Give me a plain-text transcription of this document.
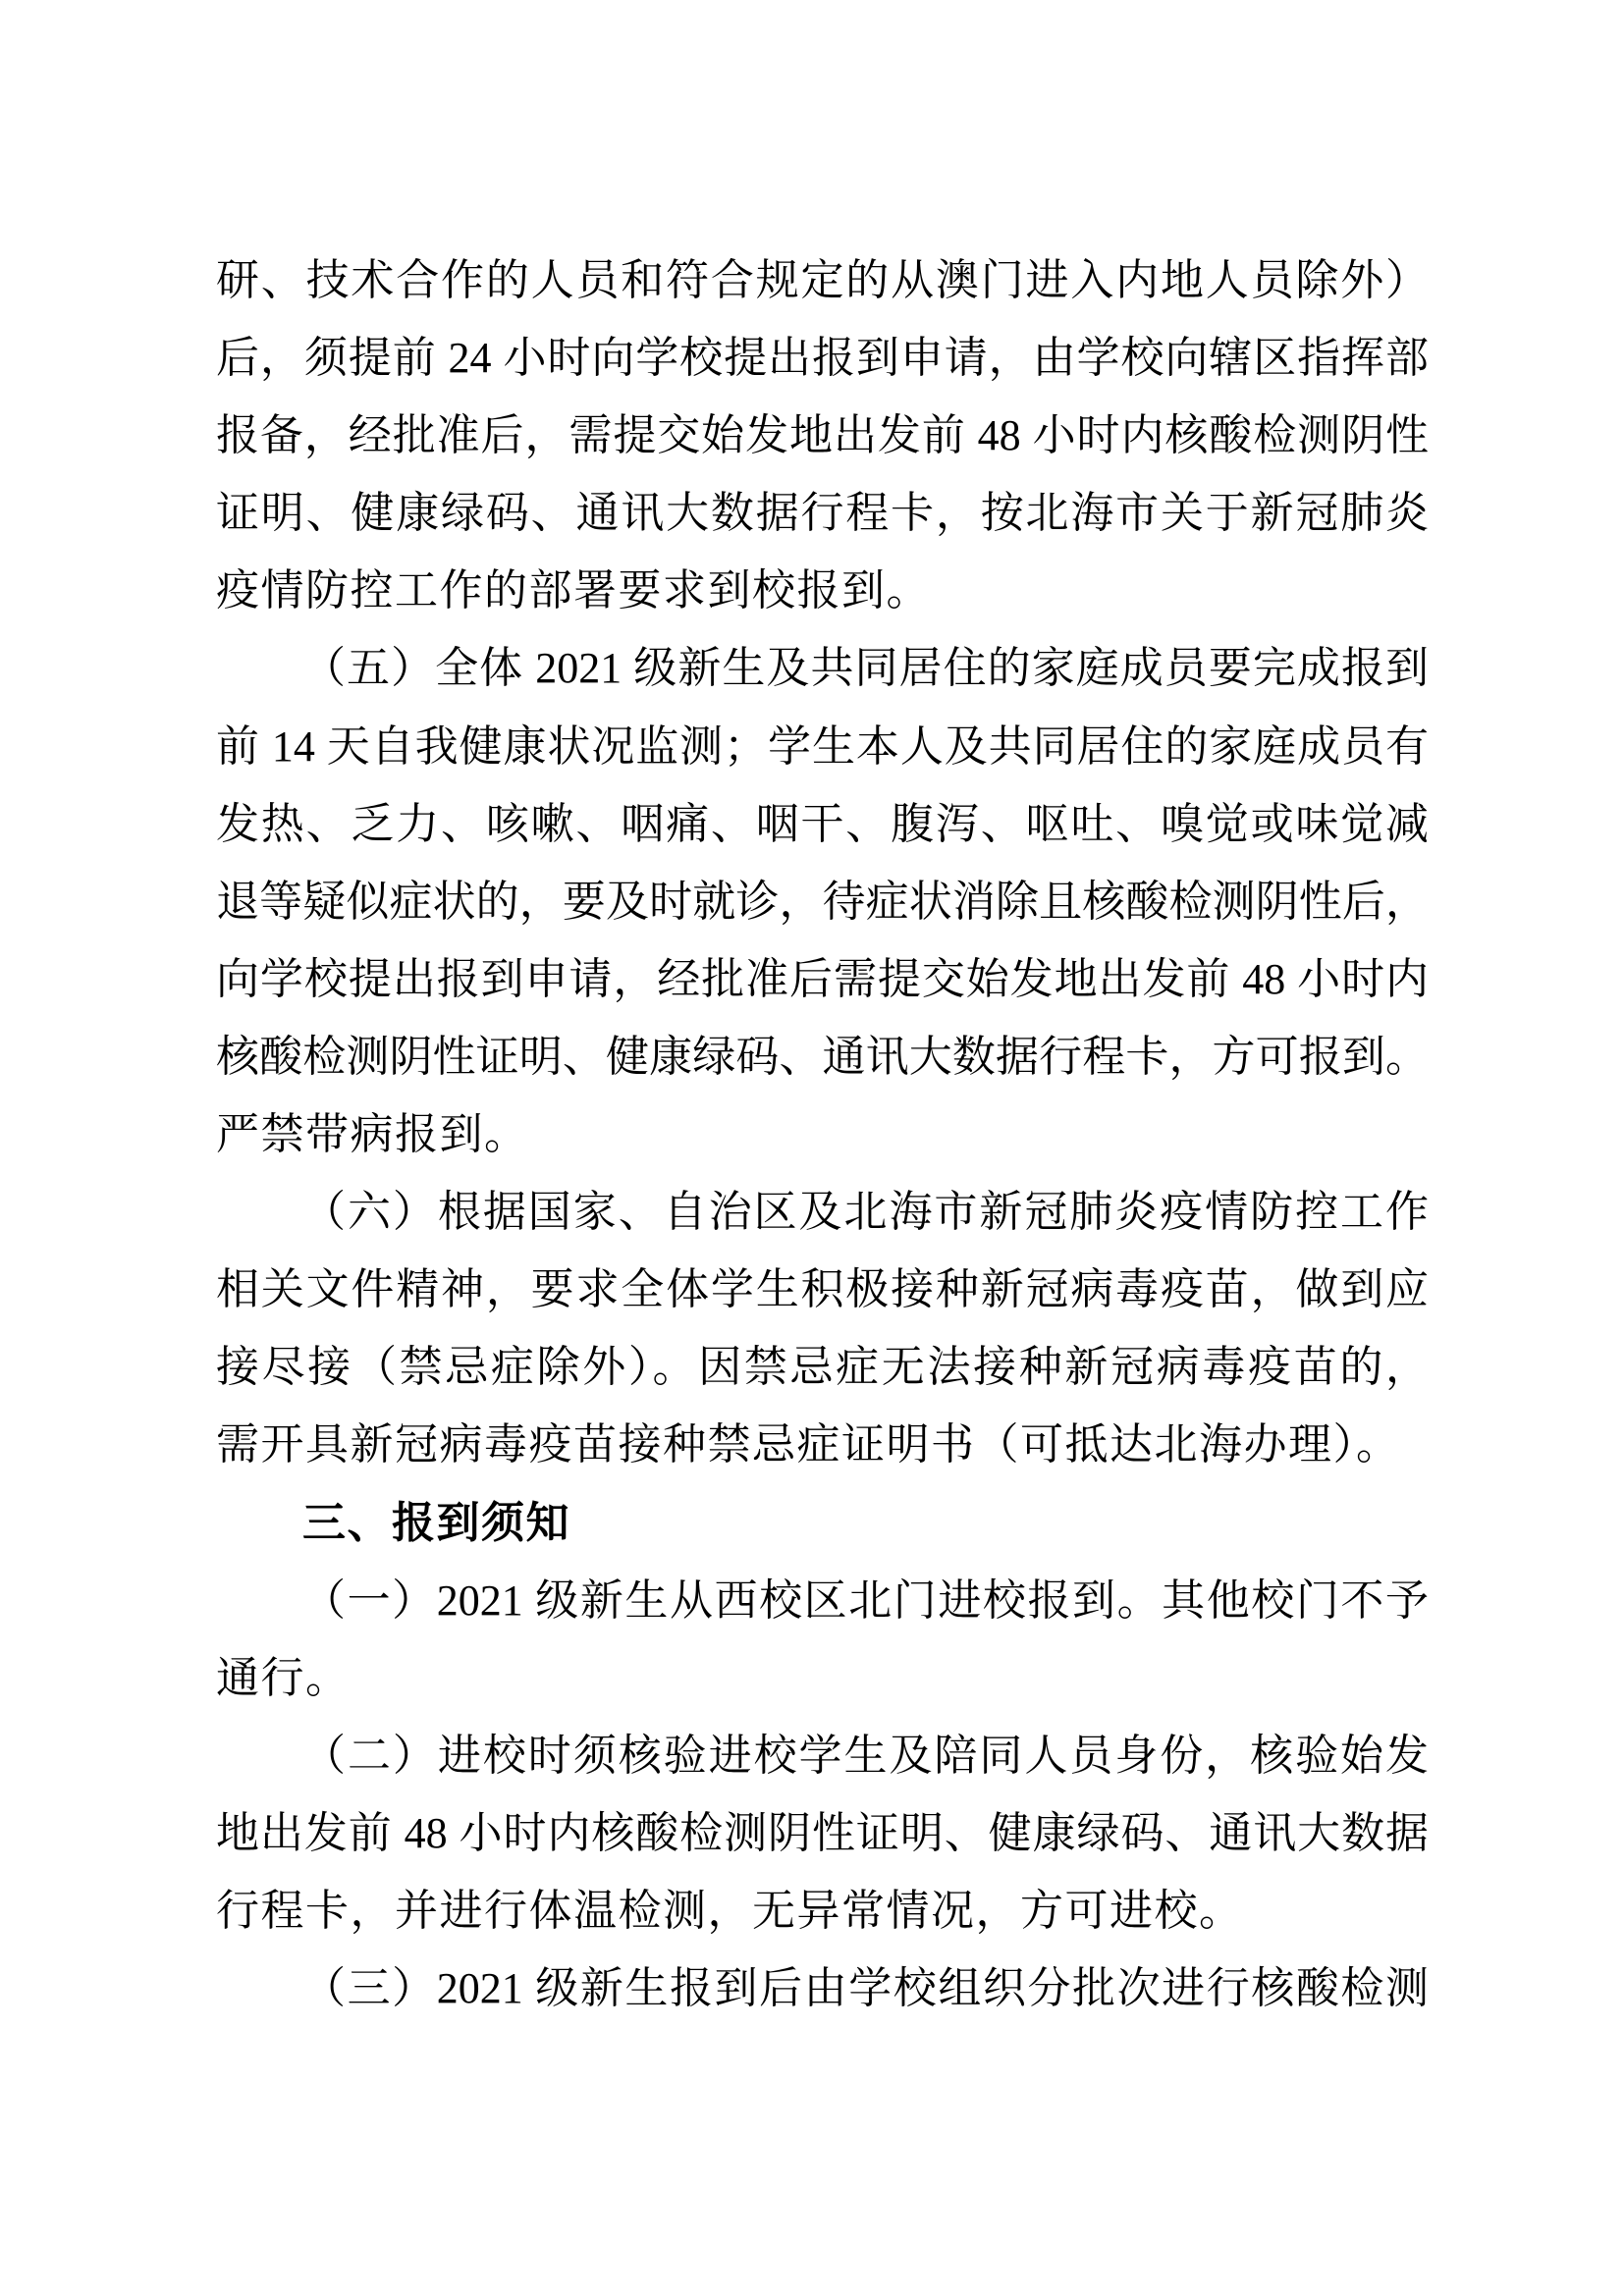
研、技术合作的人员和符合规定的从澳门进入内地人员除外）
后，须提前 24 小时向学校提出报到申请，由学校向辖区指挥部
报备，经批准后，需提交始发地出发前 48 小时内核酸检测阴性
证明、健康绿码、通讯大数据行程卡，按北海市关于新冠肺炎
疫情防控工作的部署要求到校报到。
（五）全体 2021 级新生及共同居住的家庭成员要完成报到
前 14 天自我健康状况监测；学生本人及共同居住的家庭成员有
发热、乏力、咳嗽、咽痛、咽干、腹泻、呕吐、嗅觉或味觉减
退等疑似症状的，要及时就诊，待症状消除且核酸检测阴性后，
向学校提出报到申请，经批准后需提交始发地出发前 48 小时内
核酸检测阴性证明、健康绿码、通讯大数据行程卡，方可报到。
严禁带病报到。
（六）根据国家、自治区及北海市新冠肺炎疫情防控工作
相关文件精神，要求全体学生积极接种新冠病毒疫苗，做到应
接尽接（禁忌症除外）。因禁忌症无法接种新冠病毒疫苗的，
需开具新冠病毒疫苗接种禁忌症证明书（可抵达北海办理）。
三、报到须知
（一）2021 级新生从西校区北门进校报到。其他校门不予
通行。
（二）进校时须核验进校学生及陪同人员身份，核验始发
地出发前 48 小时内核酸检测阴性证明、健康绿码、通讯大数据
行程卡，并进行体温检测，无异常情况，方可进校。
（三）2021 级新生报到后由学校组织分批次进行核酸检测
